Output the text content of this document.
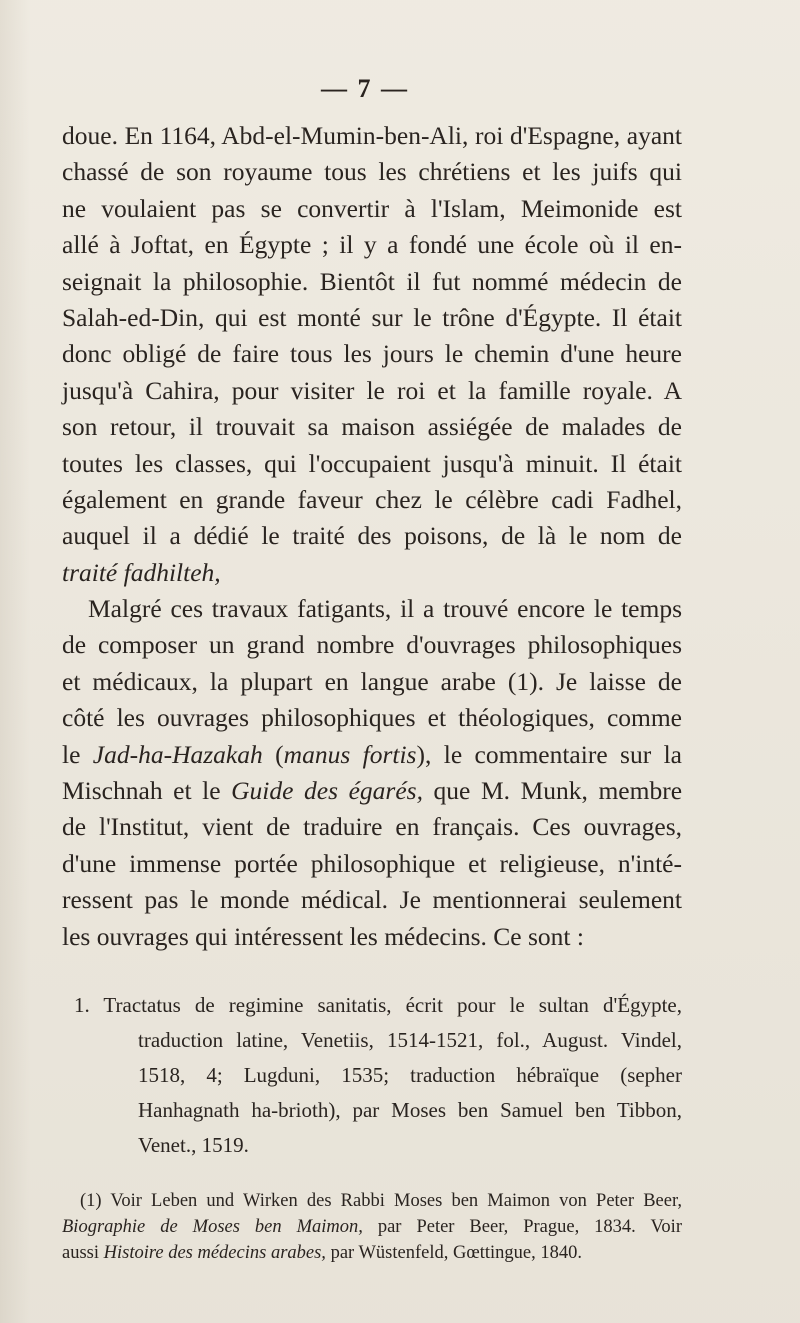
— 7 —
doue. En 1164, Abd-el-Mumin-ben-Ali, roi d'Espagne, ayant
chassé de son royaume tous les chrétiens et les juifs qui
ne voulaient pas se convertir à l'Islam, Meimonide est
allé à Joftat, en Égypte ; il y a fondé une école où il en-
seignait la philosophie. Bientôt il fut nommé médecin de
Salah-ed-Din, qui est monté sur le trône d'Égypte. Il était
donc obligé de faire tous les jours le chemin d'une heure
jusqu'à Cahira, pour visiter le roi et la famille royale. A
son retour, il trouvait sa maison assiégée de malades de
toutes les classes, qui l'occupaient jusqu'à minuit. Il était
également en grande faveur chez le célèbre cadi Fadhel,
auquel il a dédié le traité des poisons, de là le nom de
traité fadhilteh,
Malgré ces travaux fatigants, il a trouvé encore le temps
de composer un grand nombre d'ouvrages philosophiques
et médicaux, la plupart en langue arabe (1). Je laisse de
côté les ouvrages philosophiques et théologiques, comme
le Jad-ha-Hazakah (manus fortis), le commentaire sur la
Mischnah et le Guide des égarés, que M. Munk, membre
de l'Institut, vient de traduire en français. Ces ouvrages,
d'une immense portée philosophique et religieuse, n'inté-
ressent pas le monde médical. Je mentionnerai seulement
les ouvrages qui intéressent les médecins. Ce sont :
1. Tractatus de regimine sanitatis, écrit pour le sultan d'Égypte,
traduction latine, Venetiis, 1514-1521, fol., August. Vindel,
1518, 4; Lugduni, 1535; traduction hébraïque (sepher
Hanhagnath ha-brioth), par Moses ben Samuel ben Tibbon,
Venet., 1519.
(1) Voir Leben und Wirken des Rabbi Moses ben Maimon von Peter Beer,
Biographie de Moses ben Maimon, par Peter Beer, Prague, 1834. Voir
aussi Histoire des médecins arabes, par Wüstenfeld, Gœttingue, 1840.
